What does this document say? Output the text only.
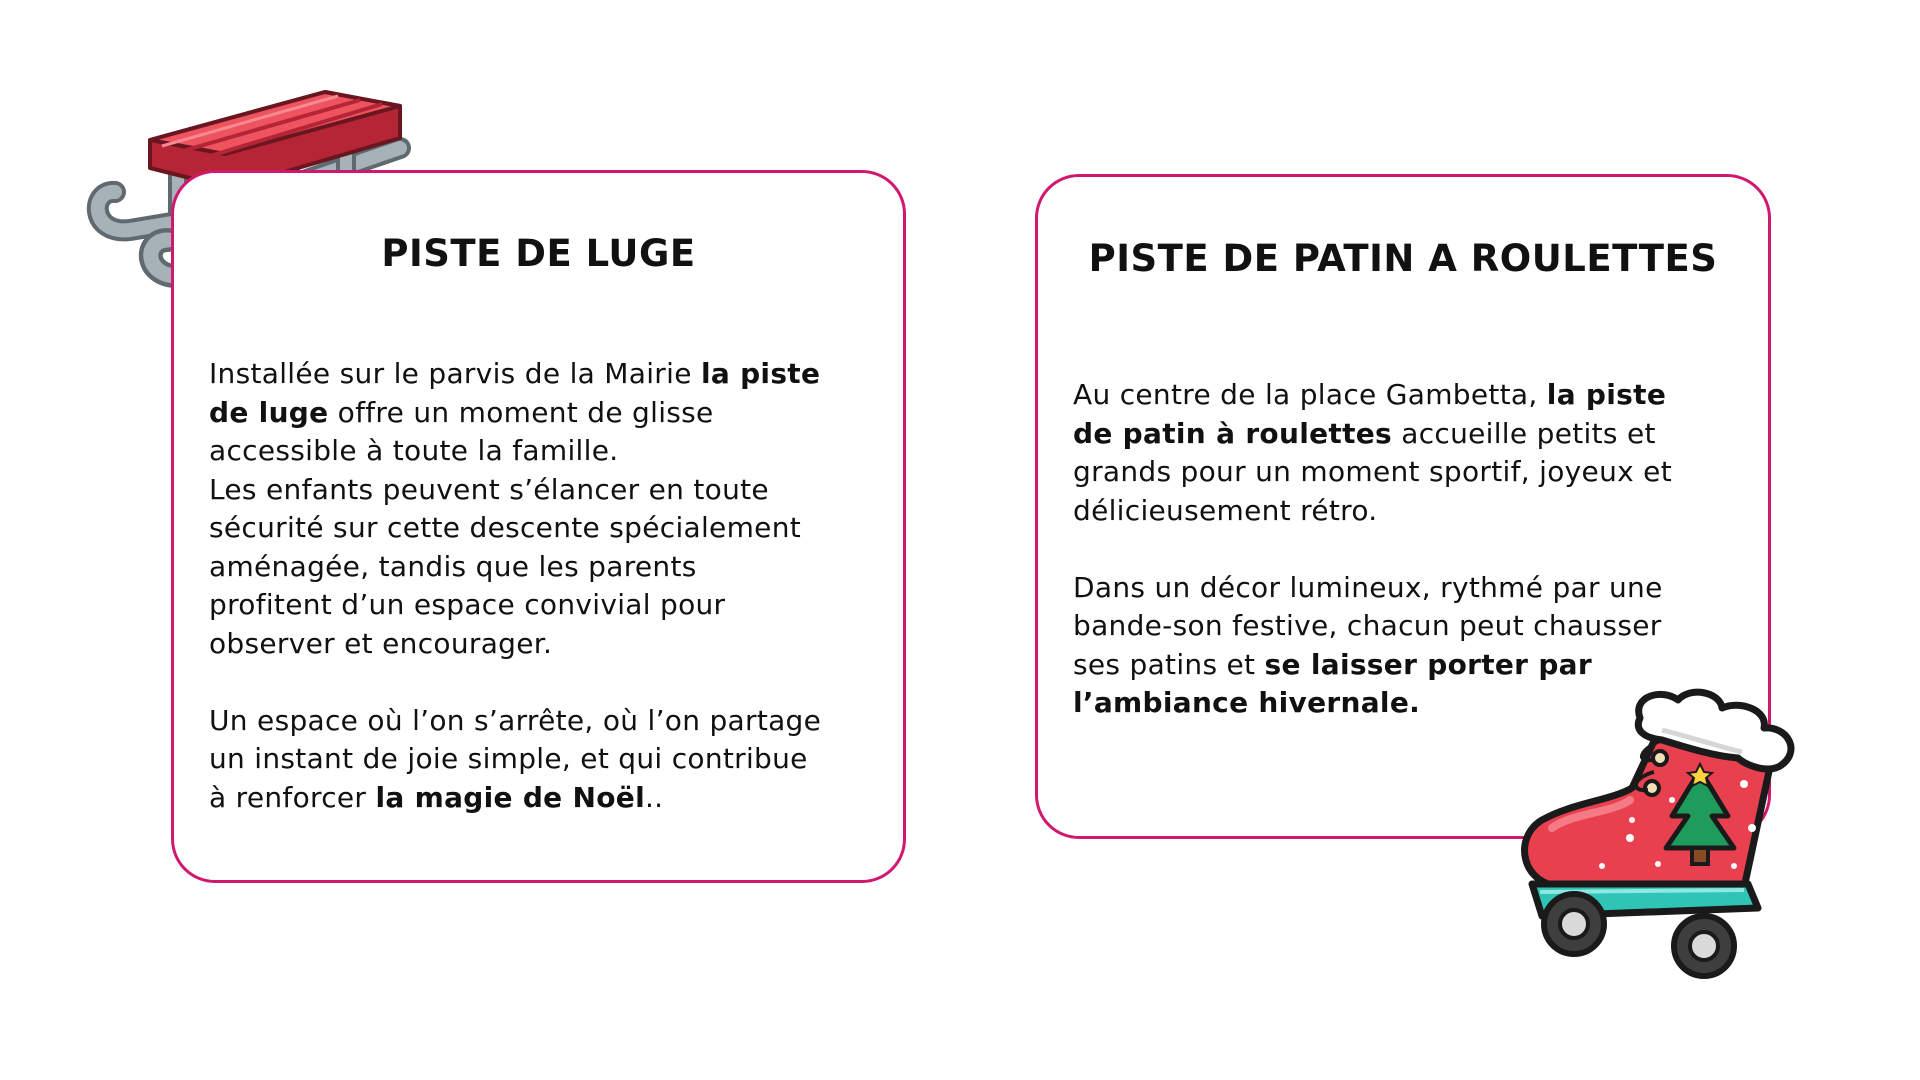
PISTE DE LUGE
Installée sur le parvis de la Mairie la piste
de luge offre un moment de glisse
accessible à toute la famille.
Les enfants peuvent s’élancer en toute
sécurité sur cette descente spécialement
aménagée, tandis que les parents
profitent d’un espace convivial pour
observer et encourager.

Un espace où l’on s’arrête, où l’on partage
un instant de joie simple, et qui contribue
à renforcer la magie de Noël..
PISTE DE PATIN A ROULETTES
Au centre de la place Gambetta, la piste
de patin à roulettes accueille petits et
grands pour un moment sportif, joyeux et
délicieusement rétro.

Dans un décor lumineux, rythmé par une
bande-son festive, chacun peut chausser
ses patins et se laisser porter par
l’ambiance hivernale.
